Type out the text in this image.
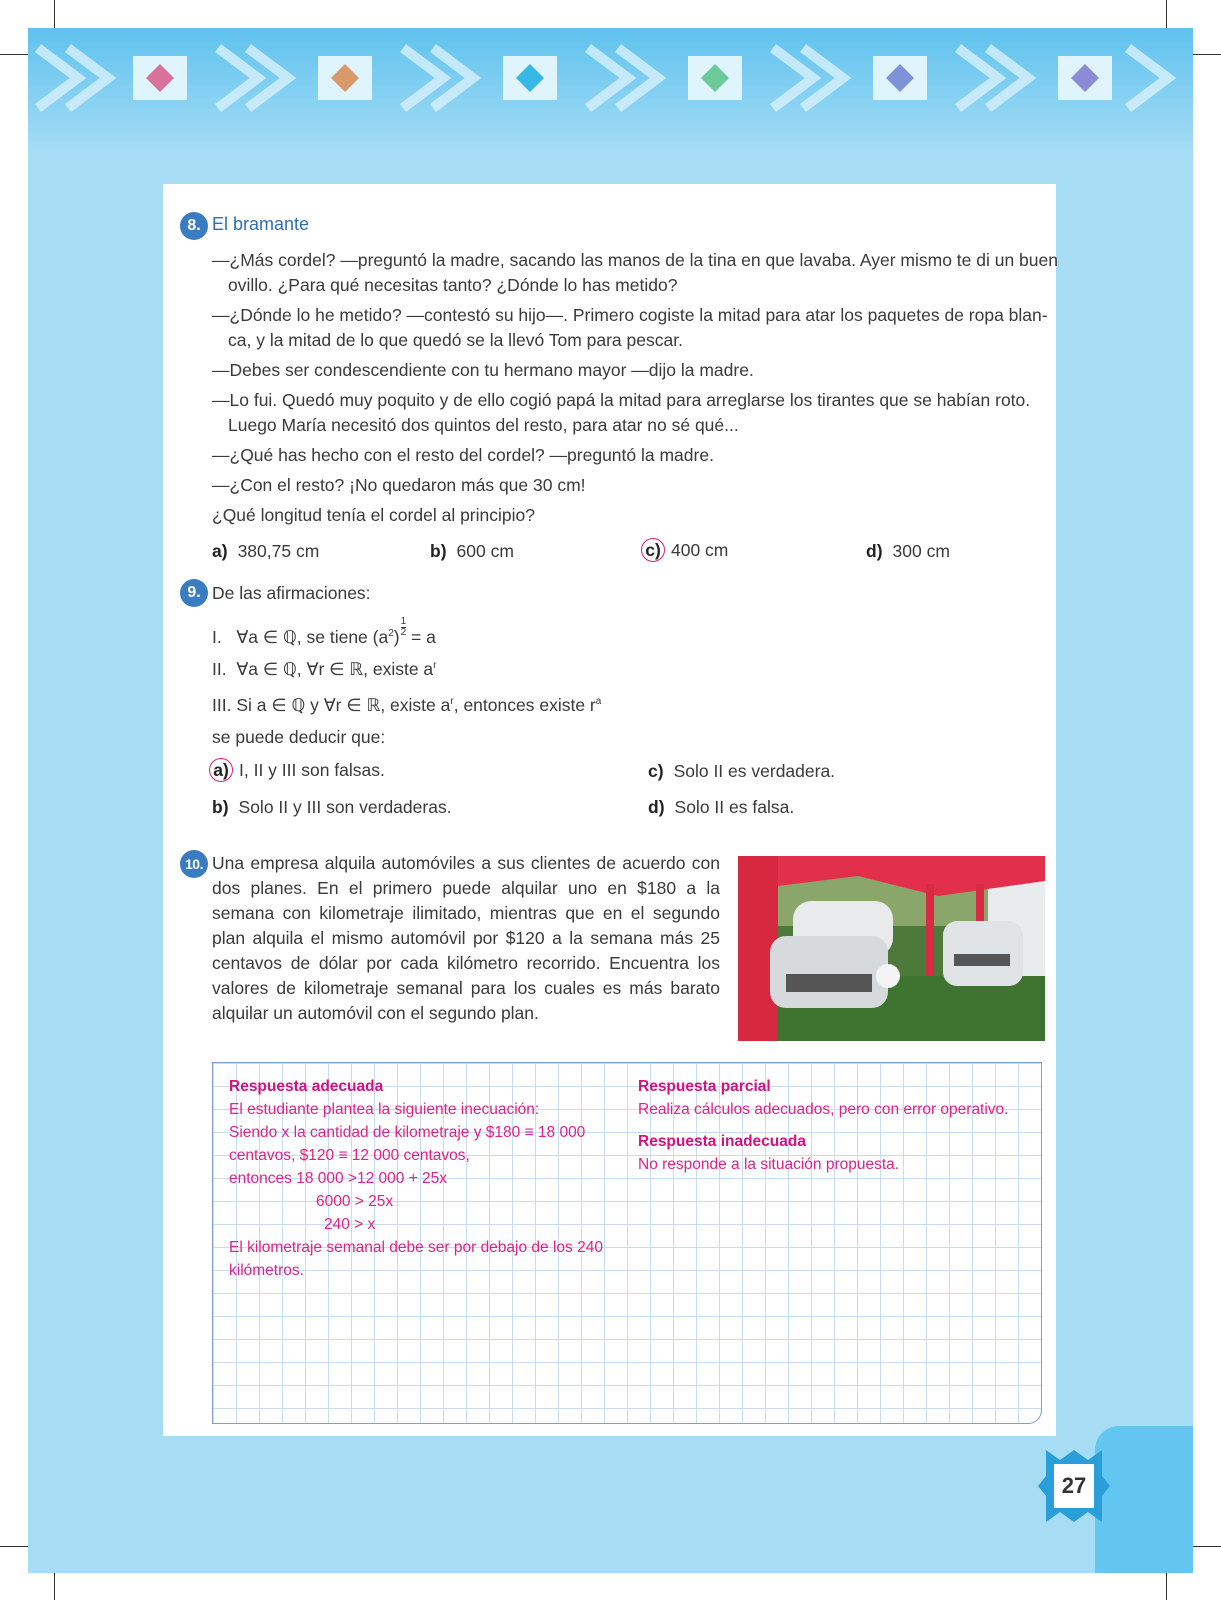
8. El bramante
—¿Más cordel? —preguntó la madre, sacando las manos de la tina en que lavaba. Ayer mismo te di un buen
ovillo. ¿Para qué necesitas tanto? ¿Dónde lo has metido?
—¿Dónde lo he metido? —contestó su hijo—. Primero cogiste la mitad para atar los paquetes de ropa blan-
ca, y la mitad de lo que quedó se la llevó Tom para pescar.
—Debes ser condescendiente con tu hermano mayor —dijo la madre.
—Lo fui. Quedó muy poquito y de ello cogió papá la mitad para arreglarse los tirantes que se habían roto.
Luego María necesitó dos quintos del resto, para atar no sé qué...
—¿Qué has hecho con el resto del cordel? —preguntó la madre.
—¿Con el resto? ¡No quedaron más que 30 cm!
¿Qué longitud tenía el cordel al principio?
a) 380,75 cm	b) 600 cm	c) 400 cm	d) 300 cm
9. De las afirmaciones:
I. ∀a ∈ ℚ, se tiene $(a^2) \frac{1}{2} = a$
II. ∀a ∈ ℚ, ∀r ∈ ℝ, existe $a^r$
III. Si a ∈ ℚ y ∀r ∈ ℝ, existe $a^r$, entonces existe $r^a$
se puede deducir que:
a) I, II y III son falsas.
b) Solo II y III son verdaderas.
c) Solo II es verdadera.
d) Solo II es falsa.
10. Una empresa alquila automóviles a sus clientes de acuerdo con dos planes. En el primero puede alquilar uno en $180 a la semana con kilometraje ilimitado, mientras que en el segundo plan alquila el mismo automóvil por $120 a la semana más 25 centavos de dólar por cada kilómetro recorrido. Encuentra los valores de kilometraje semanal para los cuales es más barato alquilar un automóvil con el segundo plan.
Respuesta adecuada
El estudiante plantea la siguiente inecuación:
Siendo x la cantidad de kilometraje y $180 ≡ 18 000
centavos, $120 ≡ 12 000 centavos,
entonces 18 000 >12 000 + 25x
6000 > 25x
240 > x
El kilometraje semanal debe ser por debajo de los 240
kilómetros.
Respuesta parcial
Realiza cálculos adecuados, pero con error operativo.
Respuesta inadecuada
No responde a la situación propuesta.
27
